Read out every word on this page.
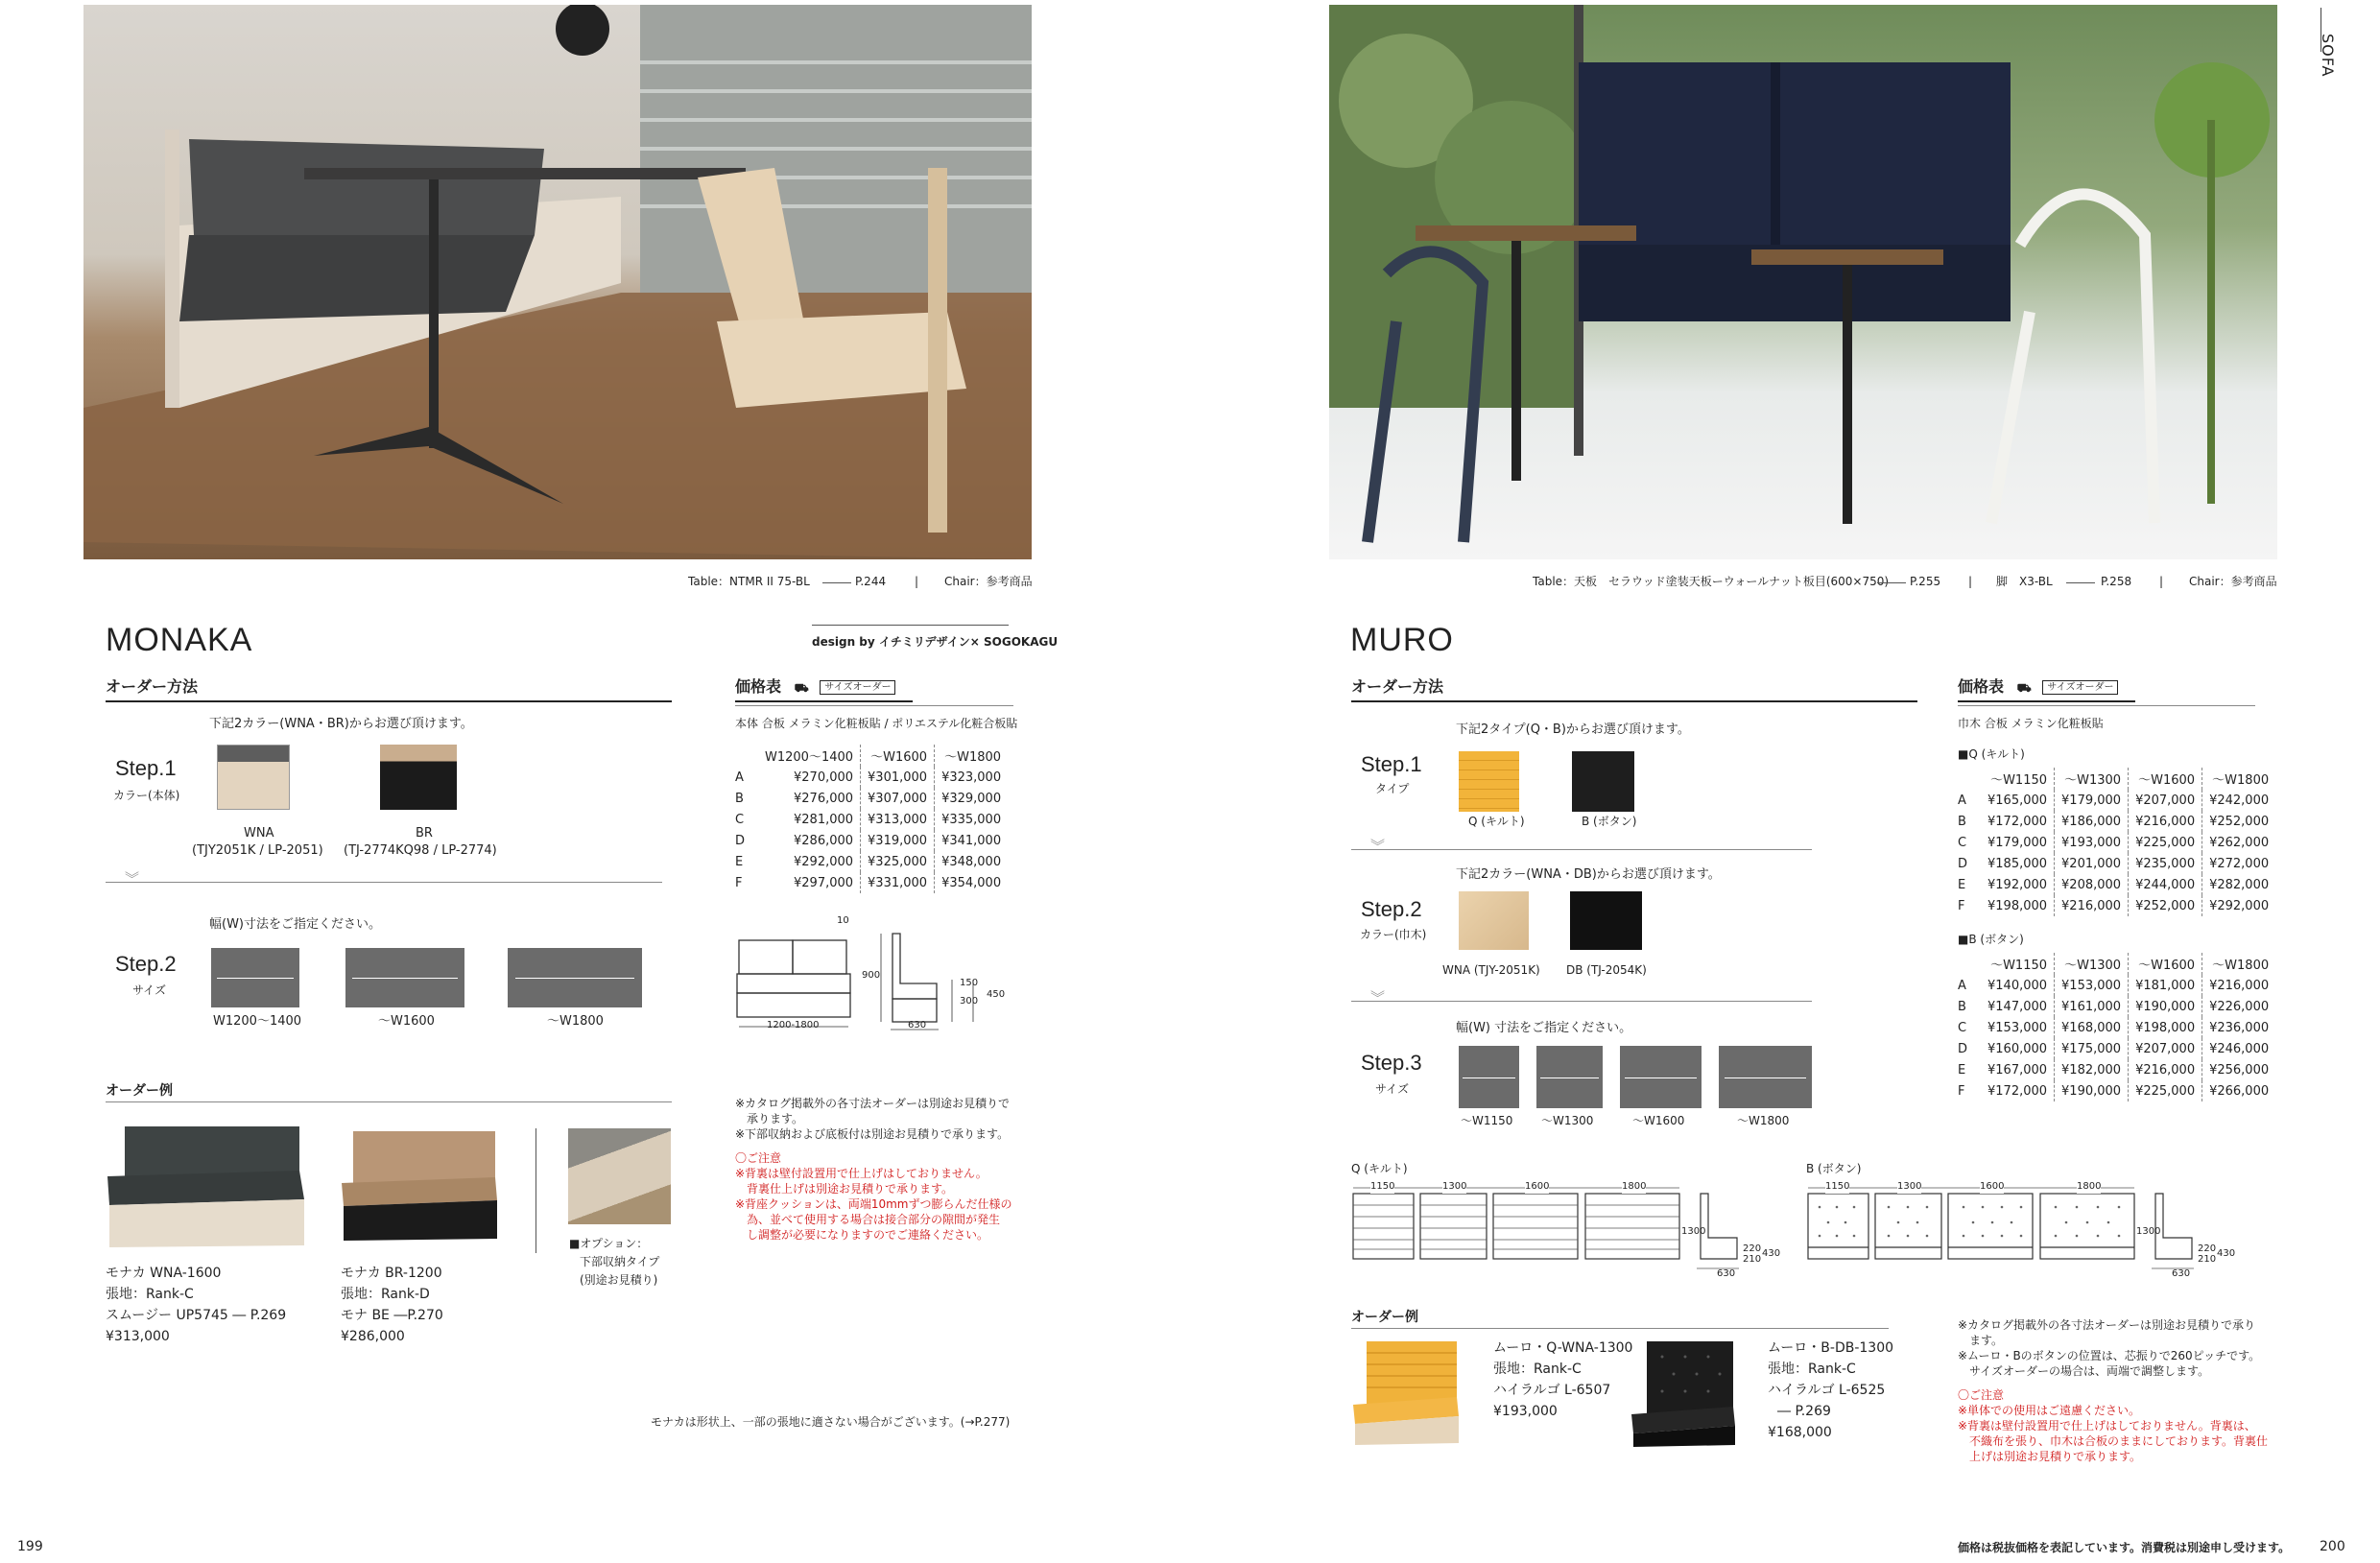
Table：NTMR II 75-BL	P.244 | Chair：参考商品
MONAKA	design by イチミリデザイン× SOGOKAGU
オーダー方法
下記2カラー(WNA・BR)からお選び頂けます。
Step.1
カラー(本体)
WNA
(TJY2051K / LP-2051)
BR
(TJ-2774KQ98 / LP-2774)
︾
幅(W)寸法をご指定ください。
Step.2
サイズ
W1200～1400	～W1600	～W1800
オーダー例
モナカ WNA-1600
張地：Rank-C
スムージー UP5745 ― P.269
¥313,000
モナカ BR-1200
張地：Rank-D
モナ BE ―P.270
¥286,000
■オプション：
下部収納タイプ
(別途お見積り)
価格表 ⛟ サイズオーダー
本体 合板 メラミン化粧板貼 / ポリエステル化粧合板貼
	W1200～1400	～W1600	～W1800
A	¥270,000	¥301,000	¥323,000
B	¥276,000	¥307,000	¥329,000
C	¥281,000	¥313,000	¥335,000
D	¥286,000	¥319,000	¥341,000
E	¥292,000	¥325,000	¥348,000
F	¥297,000	¥331,000	¥354,000
10
900
150
300
450
1200-1800	630
※カタログ掲載外の各寸法オーダーは別途お見積りで
　承ります。
※下部収納および底板付は別途お見積りで承ります。
〇ご注意
※背裏は壁付設置用で仕上げはしておりません。
　背裏仕上げは別途お見積りで承ります。
※背座クッションは、両端10mmずつ膨らんだ仕様の
　為、並べて使用する場合は接合部分の隙間が発生
　し調整が必要になりますのでご連絡ください。
モナカは形状上、一部の張地に適さない場合がございます。(→P.277)
199
Table：天板　セラウッド塗装天板ーウォールナット板目(600×750) P.255 | 脚　X3-BL	P.258 | Chair：参考商品
SOFA
MURO
オーダー方法
下記2タイプ(Q・B)からお選び頂けます。
Step.1
タイプ
Q (キルト)	B (ボタン)
︾
下記2カラー(WNA・DB)からお選び頂けます。
Step.2
カラー(巾木)
WNA (TJY-2051K) DB (TJ-2054K)
︾
幅(W) 寸法をご指定ください。
Step.3
サイズ
～W1150 ～W1300	～W1600	～W1800
Q (キルト)	B (ボタン)
1150	1300	1600	1800
1300
220
210
430
630
1150	1300	1600	1800
1300
220
210
430
630
オーダー例
ムーロ・Q-WNA-1300
張地：Rank-C
ハイラルゴ L-6507
¥193,000
ムーロ・B-DB-1300
張地：Rank-C
ハイラルゴ L-6525
― P.269
¥168,000
価格表 ⛟ サイズオーダー
巾木 合板 メラミン化粧板貼
■Q (キルト)
	～W1150	～W1300	～W1600	～W1800
A	¥165,000	¥179,000	¥207,000	¥242,000
B	¥172,000	¥186,000	¥216,000	¥252,000
C	¥179,000	¥193,000	¥225,000	¥262,000
D	¥185,000	¥201,000	¥235,000	¥272,000
E	¥192,000	¥208,000	¥244,000	¥282,000
F	¥198,000	¥216,000	¥252,000	¥292,000
■B (ボタン)
	～W1150	～W1300	～W1600	～W1800
A	¥140,000	¥153,000	¥181,000	¥216,000
B	¥147,000	¥161,000	¥190,000	¥226,000
C	¥153,000	¥168,000	¥198,000	¥236,000
D	¥160,000	¥175,000	¥207,000	¥246,000
E	¥167,000	¥182,000	¥216,000	¥256,000
F	¥172,000	¥190,000	¥225,000	¥266,000
※カタログ掲載外の各寸法オーダーは別途お見積りで承り
　ます。
※ムーロ・Bのボタンの位置は、芯振りで260ピッチです。
　サイズオーダーの場合は、両端で調整します。
〇ご注意
※単体での使用はご遠慮ください。
※背裏は壁付設置用で仕上げはしておりません。背裏は、
　不織布を張り、巾木は合板のままにしております。背裏仕
　上げは別途お見積りで承ります。
価格は税抜価格を表記しています。消費税は別途申し受けます。 200
